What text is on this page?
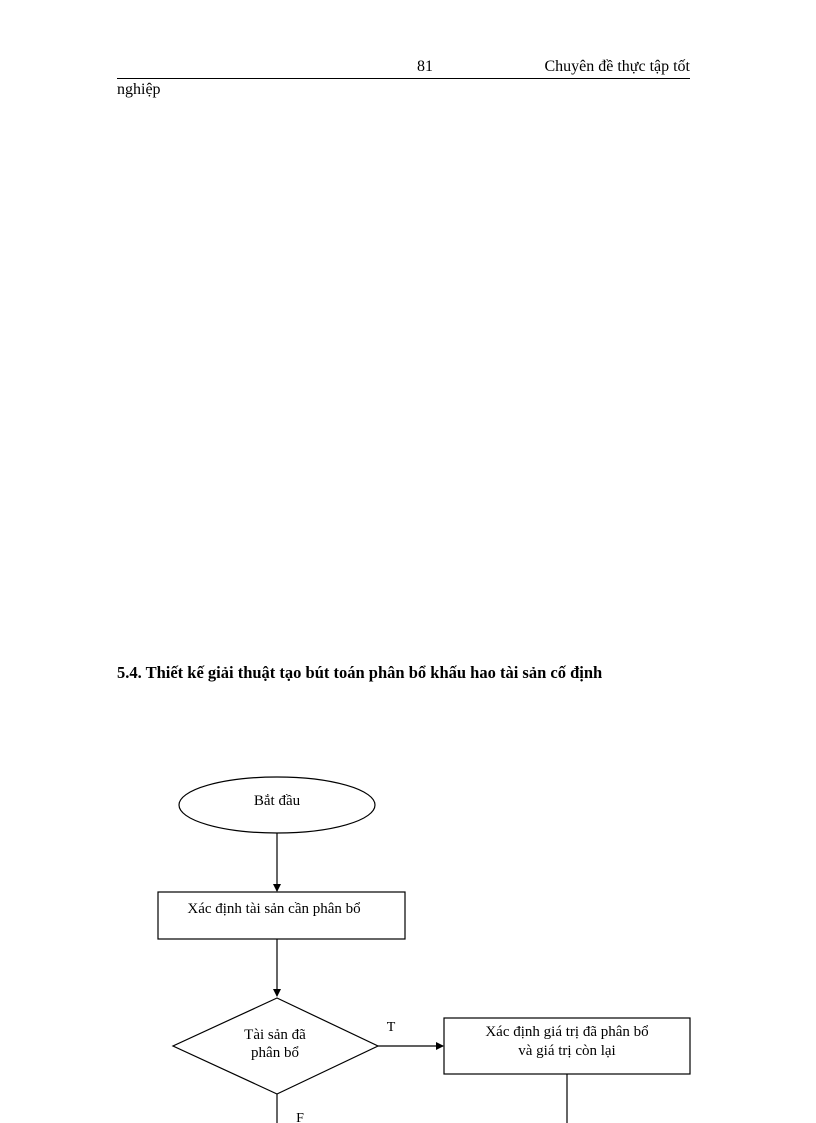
81	Chuyên đề thực tập tốt
nghiệp
5.4. Thiết kế giải thuật tạo bút toán phân bổ khấu hao tài sản cố định
Bắt đầu
Xác định tài sản cần phân bổ
Tài sản đã
phân bổ
T	Xác định giá trị đã phân bổ
và giá trị còn lại
F
